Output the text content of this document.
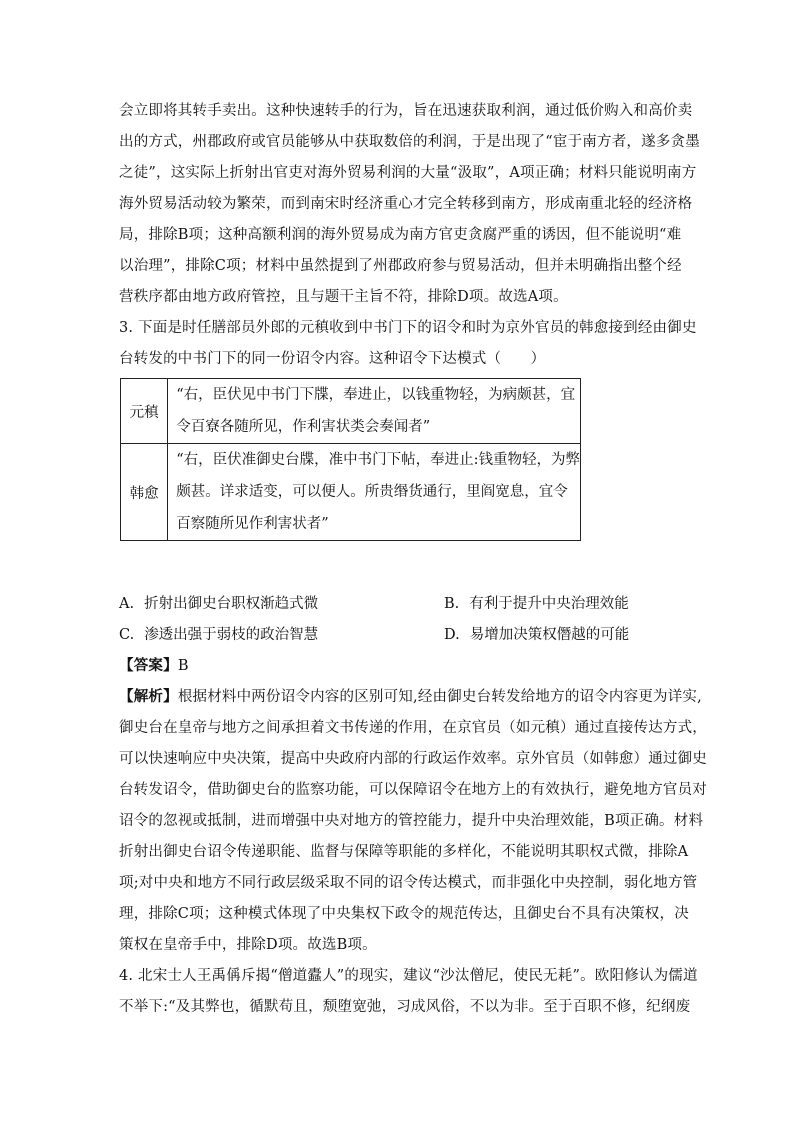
会立即将其转手卖出。这种快速转手的行为，旨在迅速获取利润，通过低价购入和高价卖
出的方式，州郡政府或官员能够从中获取数倍的利润，于是出现了“宦于南方者，遂多贪墨
之徒”，这实际上折射出官吏对海外贸易利润的大量“汲取”，A项正确；材料只能说明南方
海外贸易活动较为繁荣，而到南宋时经济重心才完全转移到南方，形成南重北轻的经济格
局，排除B项；这种高额利润的海外贸易成为南方官吏贪腐严重的诱因，但不能说明“难
以治理”，排除C项；材料中虽然提到了州郡政府参与贸易活动，但并未明确指出整个经
营秩序都由地方政府管控，且与题干主旨不符，排除D项。故选A项。
3. 下面是时任膳部员外郎的元稹收到中书门下的诏令和时为京外官员的韩愈接到经由御史
台转发的中书门下的同一份诏令内容。这种诏令下达模式（　　）
元稹	“右，臣伏见中书门下牒，奉进止，以钱重物轻，为病颇甚，宜
令百寮各随所见，作利害状类会奏闻者”

韩愈	“右，臣伏准御史台牒，准中书门下帖，奉进止:钱重物轻，为弊
颇甚。详求适变，可以便人。所贵缗货通行，里阎宽息，宜令
百察随所见作利害状者”
A. 折射出御史台职权渐趋式微	B. 有利于提升中央治理效能
C. 渗透出强于弱枝的政治智慧	D. 易增加决策权僭越的可能
【答案】B
【解析】根据材料中两份诏令内容的区别可知,经由御史台转发给地方的诏令内容更为详实,
御史台在皇帝与地方之间承担着文书传递的作用，在京官员（如元稹）通过直接传达方式，
可以快速响应中央决策，提高中央政府内部的行政运作效率。京外官员（如韩愈）通过御史
台转发诏令，借助御史台的监察功能，可以保障诏令在地方上的有效执行，避免地方官员对
诏令的忽视或抵制，进而增强中央对地方的管控能力，提升中央治理效能，B项正确。材料
折射出御史台诏令传递职能、监督与保障等职能的多样化，不能说明其职权式微，排除A
项;对中央和地方不同行政层级采取不同的诏令传达模式，而非强化中央控制，弱化地方管
理，排除C项；这种模式体现了中央集权下政令的规范传达，且御史台不具有决策权，决
策权在皇帝手中，排除D项。故选B项。
4. 北宋士人王禹偁斥揭“僧道蠹人”的现实，建议“沙汰僧尼，使民无耗”。欧阳修认为儒道
不举下:“及其弊也，循默苟且，颓堕宽弛，习成风俗，不以为非。至于百职不修，纪纲废
